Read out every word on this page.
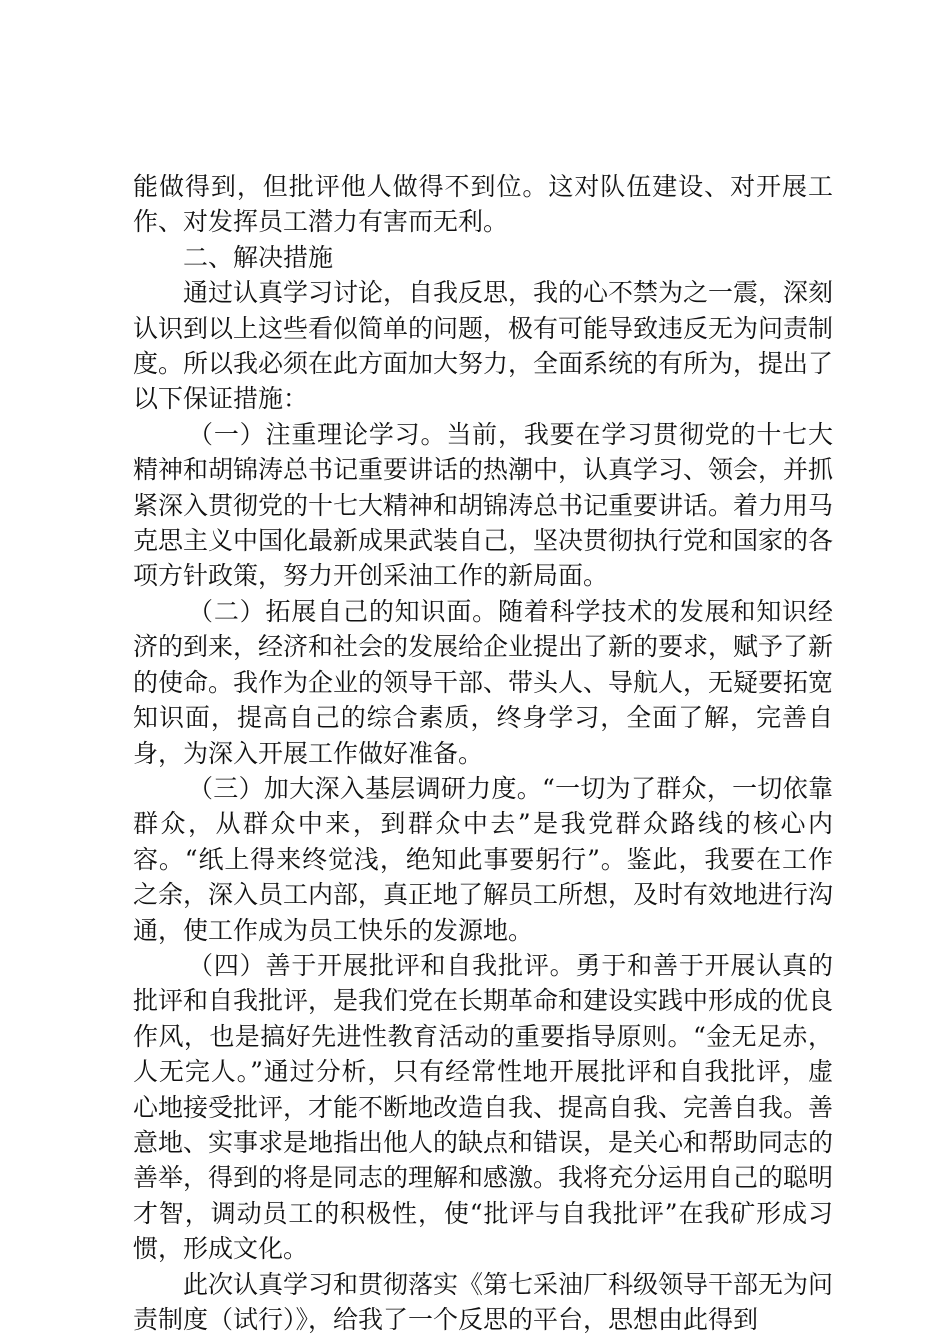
能做得到，但批评他人做得不到位。这对队伍建设、对开展工作、对发挥员工潜力有害而无利。

二、解决措施

通过认真学习讨论，自我反思，我的心不禁为之一震，深刻认识到以上这些看似简单的问题，极有可能导致违反无为问责制度。所以我必须在此方面加大努力，全面系统的有所为，提出了以下保证措施：

（一）注重理论学习。当前，我要在学习贯彻党的十七大精神和胡锦涛总书记重要讲话的热潮中，认真学习、领会，并抓紧深入贯彻党的十七大精神和胡锦涛总书记重要讲话。着力用马克思主义中国化最新成果武装自己，坚决贯彻执行党和国家的各项方针政策，努力开创采油工作的新局面。

（二）拓展自己的知识面。随着科学技术的发展和知识经济的到来，经济和社会的发展给企业提出了新的要求，赋予了新的使命。我作为企业的领导干部、带头人、导航人，无疑要拓宽知识面，提高自己的综合素质，终身学习，全面了解，完善自身，为深入开展工作做好准备。

（三）加大深入基层调研力度。“一切为了群众，一切依靠群众，从群众中来，到群众中去”是我党群众路线的核心内容。“纸上得来终觉浅，绝知此事要躬行”。鉴此，我要在工作之余，深入员工内部，真正地了解员工所想，及时有效地进行沟通，使工作成为员工快乐的发源地。

（四）善于开展批评和自我批评。勇于和善于开展认真的批评和自我批评，是我们党在长期革命和建设实践中形成的优良作风，也是搞好先进性教育活动的重要指导原则。“金无足赤，人无完人。”通过分析，只有经常性地开展批评和自我批评，虚心地接受批评，才能不断地改造自我、提高自我、完善自我。善意地、实事求是地指出他人的缺点和错误，是关心和帮助同志的善举，得到的将是同志的理解和感激。我将充分运用自己的聪明才智，调动员工的积极性，使“批评与自我批评”在我矿形成习惯，形成文化。

此次认真学习和贯彻落实《第七采油厂科级领导干部无为问责制度（试行）》，给我了一个反思的平台，思想由此得到
